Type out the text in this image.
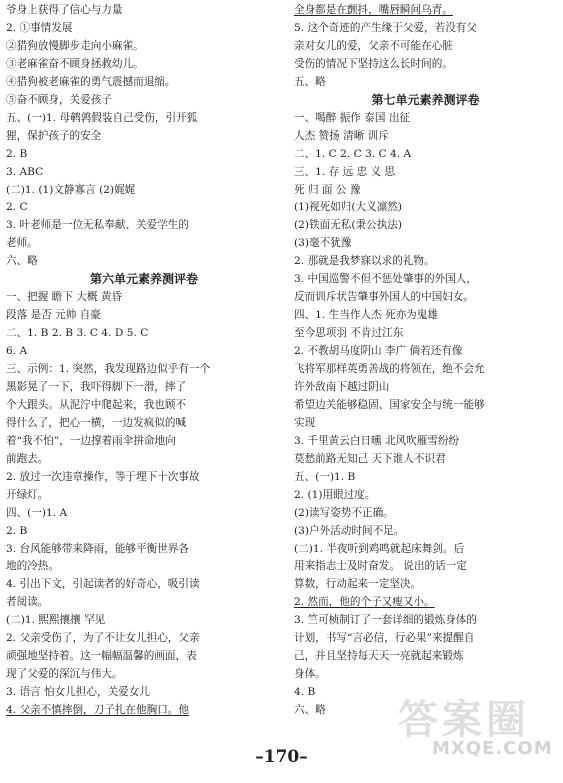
爷身上获得了信心与力量
2. ①事情发展
②猎狗放慢脚步走向小麻雀。
③老麻雀奋不顾身拯救幼儿。
④猎狗被老麻雀的勇气震撼而退缩。
⑤奋不顾身，关爱孩子
五、(一)1. 母鹌鹑假装自己受伤，引开狐
狸，保护孩子的安全
2. B
3. ABC
(二)1. (1)文静寡言 (2)娓娓
2. C
3. 叶老师是一位无私奉献、关爱学生的
老师。
六、略
第六单元素养测评卷
一、把握 瞻下 大概 黄昏
段落 是否 元帅 自豪
二、1. B 2. B 3. C 4. D 5. C
6. A
三、示例：1. 突然，我发现路边似乎有一个
黑影晃了一下，我吓得脚下一滑，摔了
个大跟头。从泥泞中爬起来，我也顾不
得什么了，把心一横，一边发疯似的喊
着“我不怕”，一边撑着雨伞拼命地向
前跑去。
2. 放过一次违章操作，等于埋下十次事故
开绿灯。
四、(一)1. A
2. B
3. 台风能够带来降雨，能够平衡世界各
地的冷热。
4. 引出下文，引起读者的好奇心，吸引读
者阅读。
(二)1. 熙熙攘攘 罕见
2. 父亲受伤了，为了不让女儿担心，父亲
顽强地坚持着。这一幅幅温馨的画面，表
现了父爱的深沉与伟大。
3. 语言 怕女儿担心，关爱女儿
4. 父亲不慎摔倒，刀子扎在他胸口。他
全身都是在颤抖，嘴唇瞬间乌青。
5. 这个奇迹的产生缘于父爱，若没有父
亲对女儿的爱，父亲不可能在心脏
受伤的情况下坚持这么长时间的。
五、略
第七单元素养测评卷
一、喝醉 振作 泰国 出征
人杰 赞扬 清晰 训斥
二、1. C 2. C 3. C 4. A
三、1. 存 远 忠 义 思
死 归 面 公 豫
(1)视死如归(大义凛然)
(2)铁面无私(秉公执法)
(3)毫不犹豫
2. 那就是我梦寐以求的礼物。
3. 中国巡警不但不惩处肇事的外国人，
反而训斥状告肇事外国人的中国妇女。
四、1. 生当作人杰 死亦为鬼雄
至今思项羽 不肯过江东
2. 不教胡马度阴山 李广 倘若还有像
飞将军那样英勇善战的将领在，绝不会允
许外敌南下越过阴山
希望边关能够稳固、国家安全与统一能够
实现
3. 千里黄云白日曛 北风吹雁雪纷纷
莫愁前路无知己 天下谁人不识君
五、(一)1. B
2. (1)用眼过度。
(2)读写姿势不正确。
(3)户外活动时间不足。
(二)1. 半夜听到鸡鸣就起床舞剑。后
用来指志士及时奋发。 说出的话一定
算数，行动起来一定坚决。
2. 然而，他的个子又瘦又小。
3. 竺可桢制订了一套详细的锻炼身体的
计划，书写“言必信，行必果”来提醒自
己，并且坚持每天天一亮就起来锻炼
身体。
4. B
六、略
–170–
答案圈
MXQE.COM
